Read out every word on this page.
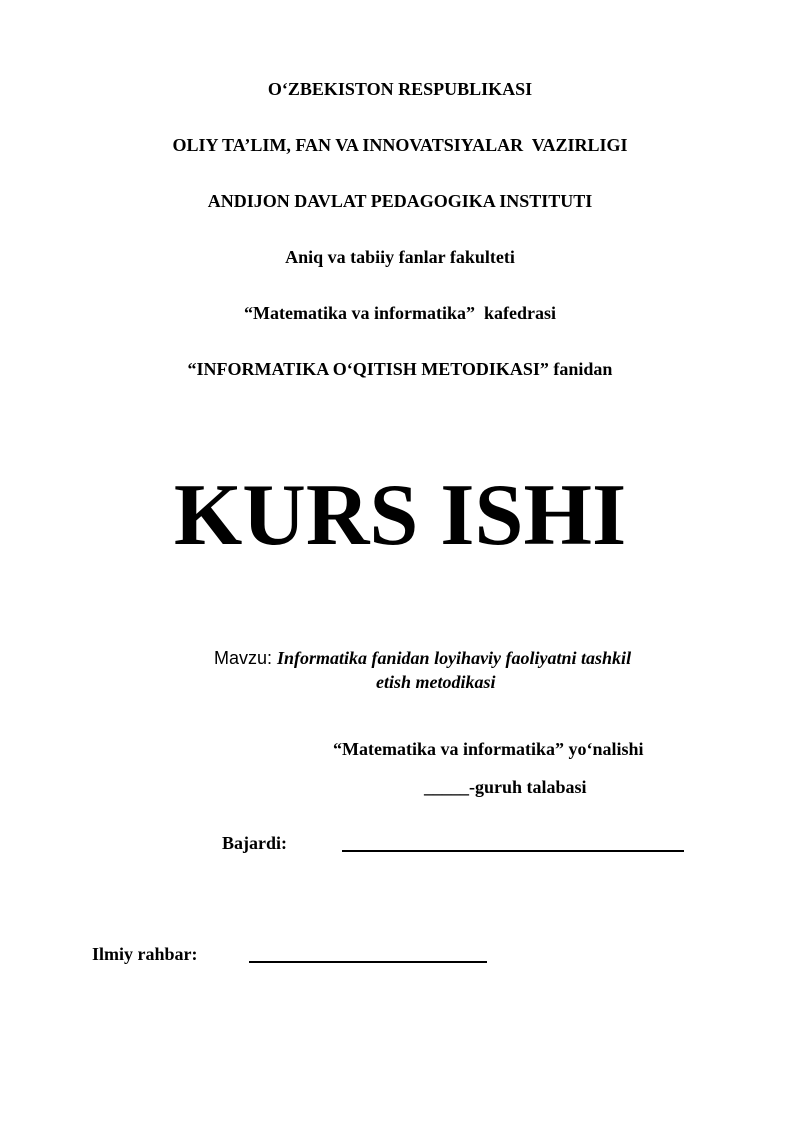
O‘ZBEKISTON RESPUBLIKASI
OLIY TA’LIM, FAN VA INNOVATSIYALAR  VAZIRLIGI
ANDIJON DAVLAT PEDAGOGIKA INSTITUTI
Aniq va tabiiy fanlar fakulteti
“Matematika va informatika”  kafedrasi
“INFORMATIKA O‘QITISH METODIKASI” fanidan
KURS ISHI
Mavzu: Informatika fanidan loyihaviy faoliyatni tashkil
etish metodikasi
“Matematika va informatika” yo‘nalishi
_____-guruh talabasi
Bajardi:
Ilmiy rahbar:
